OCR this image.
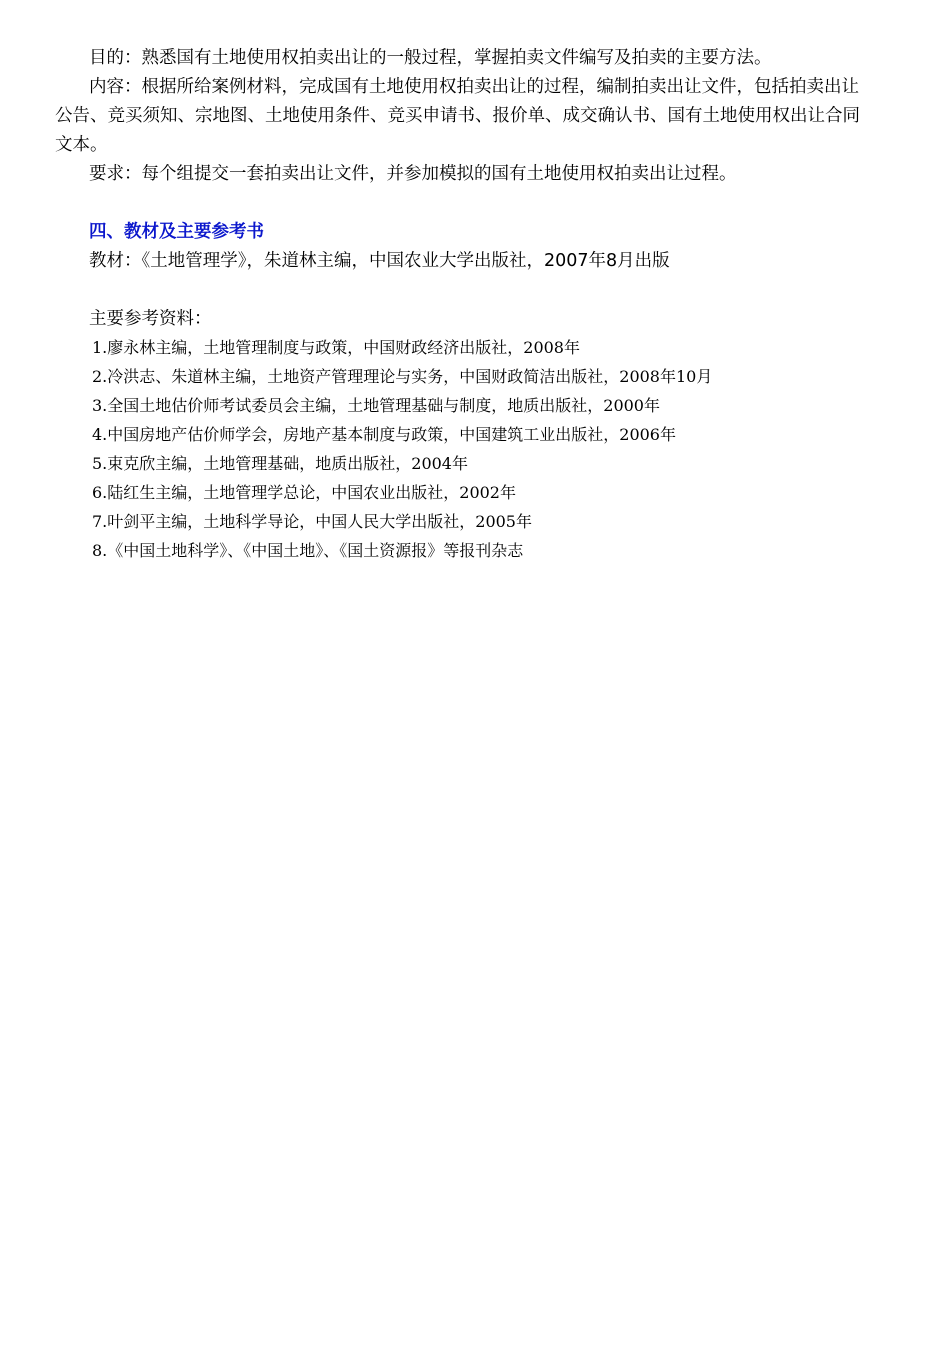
目的：熟悉国有土地使用权拍卖出让的一般过程，掌握拍卖文件编写及拍卖的主要方法。

内容：根据所给案例材料，完成国有土地使用权拍卖出让的过程，编制拍卖出让文件，包括拍卖出让公告、竞买须知、宗地图、土地使用条件、竞买申请书、报价单、成交确认书、国有土地使用权出让合同文本。

要求：每个组提交一套拍卖出让文件，并参加模拟的国有土地使用权拍卖出让过程。

四、教材及主要参考书

教材：《土地管理学》，朱道林主编，中国农业大学出版社，2007年8月出版

主要参考资料：

1.廖永林主编，土地管理制度与政策，中国财政经济出版社，2008年

2.冷洪志、朱道林主编，土地资产管理理论与实务，中国财政简洁出版社，2008年10月

3.全国土地估价师考试委员会主编，土地管理基础与制度，地质出版社，2000年

4.中国房地产估价师学会，房地产基本制度与政策，中国建筑工业出版社，2006年

5.束克欣主编，土地管理基础，地质出版社，2004年

6.陆红生主编，土地管理学总论，中国农业出版社，2002年

7.叶剑平主编，土地科学导论，中国人民大学出版社，2005年

8.《中国土地科学》、《中国土地》、《国土资源报》等报刊杂志
